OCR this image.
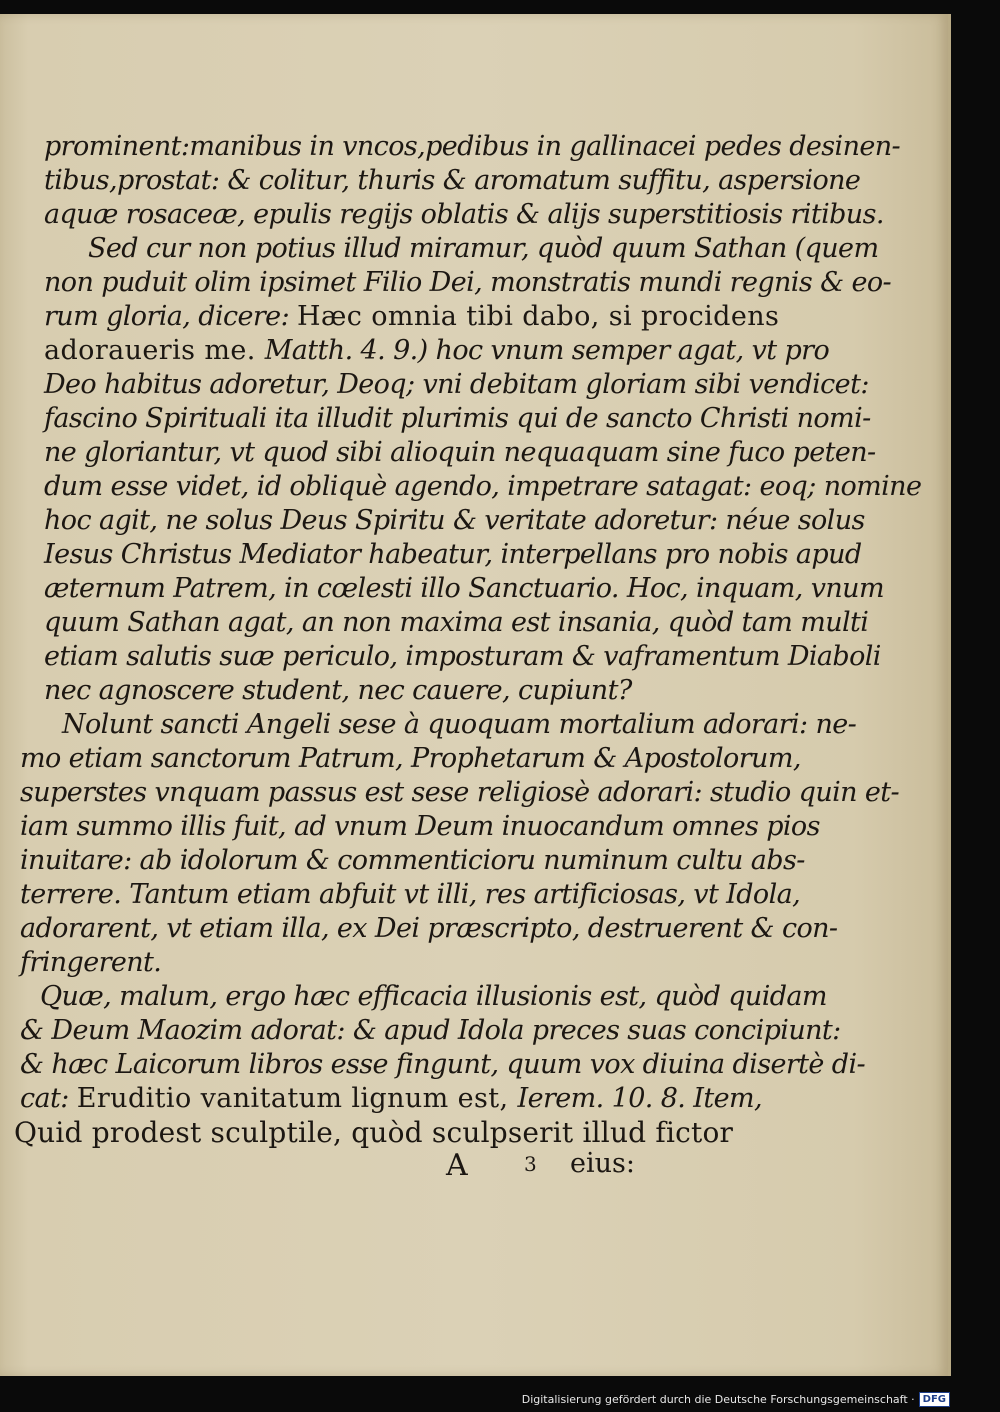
prominent:manibus in vncos,pedibus in gallinacei pedes desinen-
tibus,prostat: & colitur, thuris & aromatum suffitu, aspersione
aquæ rosaceæ, epulis regijs oblatis & alijs superstitiosis ritibus.
Sed cur non potius illud miramur, quòd quum Sathan (quem
non puduit olim ipsimet Filio Dei, monstratis mundi regnis & eo-
rum gloria, dicere: Hæc omnia tibi dabo, si procidens
adoraueris me. Matth. 4. 9.) hoc vnum semper agat, vt pro
Deo habitus adoretur, Deoq; vni debitam gloriam sibi vendicet:
fascino Spirituali ita illudit plurimis qui de sancto Christi nomi-
ne gloriantur, vt quod sibi alioquin nequaquam sine fuco peten-
dum esse videt, id obliquè agendo, impetrare satagat: eoq; nomine
hoc agit, ne solus Deus Spiritu & veritate adoretur: néue solus
Iesus Christus Mediator habeatur, interpellans pro nobis apud
æternum Patrem, in cœlesti illo Sanctuario. Hoc, inquam, vnum
quum Sathan agat, an non maxima est insania, quòd tam multi
etiam salutis suæ periculo, imposturam & vaframentum Diaboli
nec agnoscere student, nec cauere, cupiunt?
Nolunt sancti Angeli sese à quoquam mortalium adorari: ne-
mo etiam sanctorum Patrum, Prophetarum & Apostolorum,
superstes vnquam passus est sese religiosè adorari: studio quin et-
iam summo illis fuit, ad vnum Deum inuocandum omnes pios
inuitare: ab idolorum & commenticioru numinum cultu abs-
terrere. Tantum etiam abfuit vt illi, res artificiosas, vt Idola,
adorarent, vt etiam illa, ex Dei præscripto, destruerent & con-
fringerent.
Quæ, malum, ergo hæc efficacia illusionis est, quòd quidam
& Deum Maozim adorat: & apud Idola preces suas concipiunt:
& hæc Laicorum libros esse fingunt, quum vox diuina disertè di-
cat: Eruditio vanitatum lignum est, Ierem. 10. 8. Item,
Quid prodest sculptile, quòd sculpserit illud fictor
A	3 eius:
Digitalisierung gefördert durch die Deutsche Forschungsgemeinschaft · DFG
